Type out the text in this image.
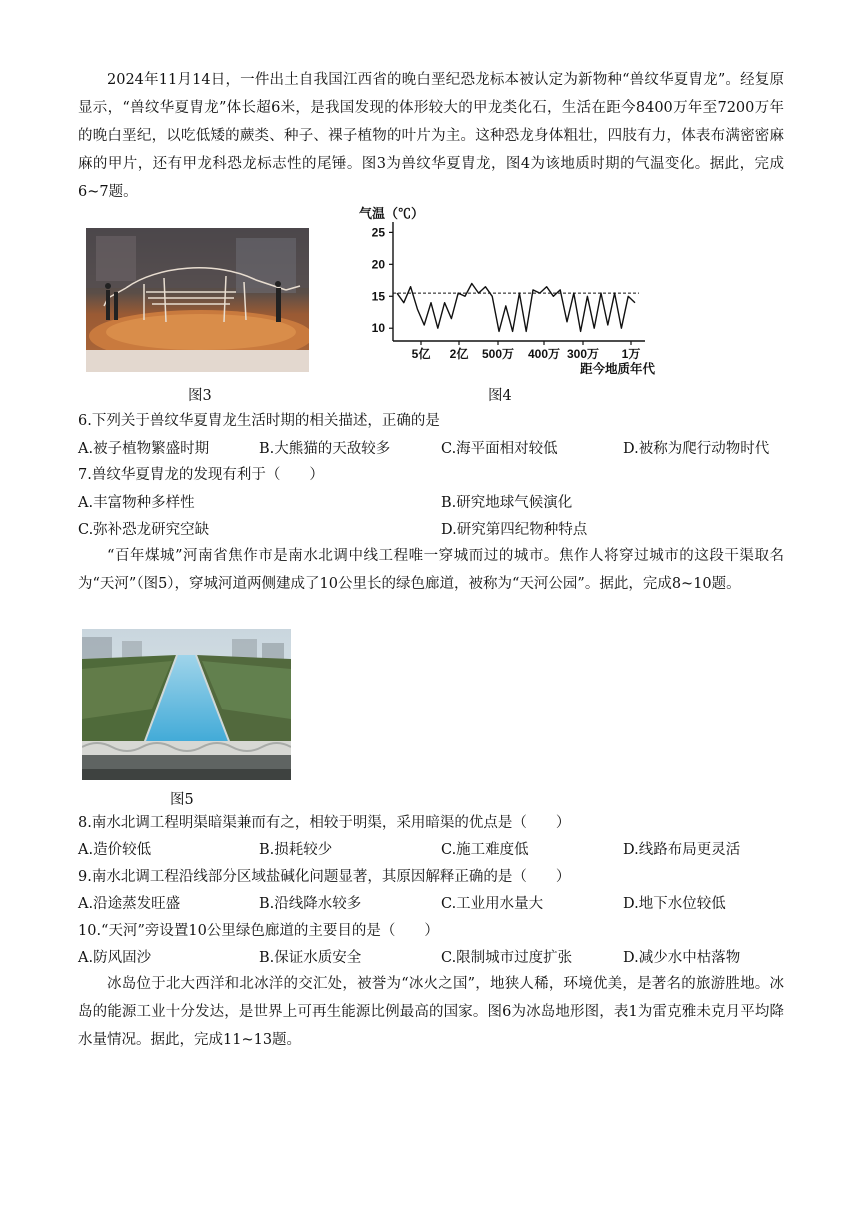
2024年11月14日，一件出土自我国江西省的晚白垩纪恐龙标本被认定为新物种“兽纹华夏胄龙”。经复原显示，“兽纹华夏胄龙”体长超6米，是我国发现的体形较大的甲龙类化石，生活在距今8400万年至7200万年的晚白垩纪，以吃低矮的蕨类、种子、裸子植物的叶片为主。这种恐龙身体粗壮，四肢有力，体表布满密密麻麻的甲片，还有甲龙科恐龙标志性的尾锤。图3为兽纹华夏胄龙，图4为该地质时期的气温变化。据此，完成6~7题。
图3
气温（℃）
10
15
20
25
5亿 2亿 500万 400万 300万 1万
距今地质年代
图4
6.下列关于兽纹华夏胄龙生活时期的相关描述，正确的是
A.被子植物繁盛时期	B.大熊猫的天敌较多	C.海平面相对较低	D.被称为爬行动物时代
7.兽纹华夏胄龙的发现有利于（　　）
A.丰富物种多样性	B.研究地球气候演化
C.弥补恐龙研究空缺	D.研究第四纪物种特点
“百年煤城”河南省焦作市是南水北调中线工程唯一穿城而过的城市。焦作人将穿过城市的这段干渠取名为“天河”（图5），穿城河道两侧建成了10公里长的绿色廊道，被称为“天河公园”。据此，完成8~10题。
图5
8.南水北调工程明渠暗渠兼而有之，相较于明渠，采用暗渠的优点是（　　）
A.造价较低	B.损耗较少	C.施工难度低	D.线路布局更灵活
9.南水北调工程沿线部分区域盐碱化问题显著，其原因解释正确的是（　　）
A.沿途蒸发旺盛	B.沿线降水较多	C.工业用水量大	D.地下水位较低
10.“天河”旁设置10公里绿色廊道的主要目的是（　　）
A.防风固沙	B.保证水质安全	C.限制城市过度扩张	D.减少水中枯落物
冰岛位于北大西洋和北冰洋的交汇处，被誉为“冰火之国”，地狭人稀，环境优美，是著名的旅游胜地。冰岛的能源工业十分发达，是世界上可再生能源比例最高的国家。图6为冰岛地形图，表1为雷克雅未克月平均降水量情况。据此，完成11~13题。
